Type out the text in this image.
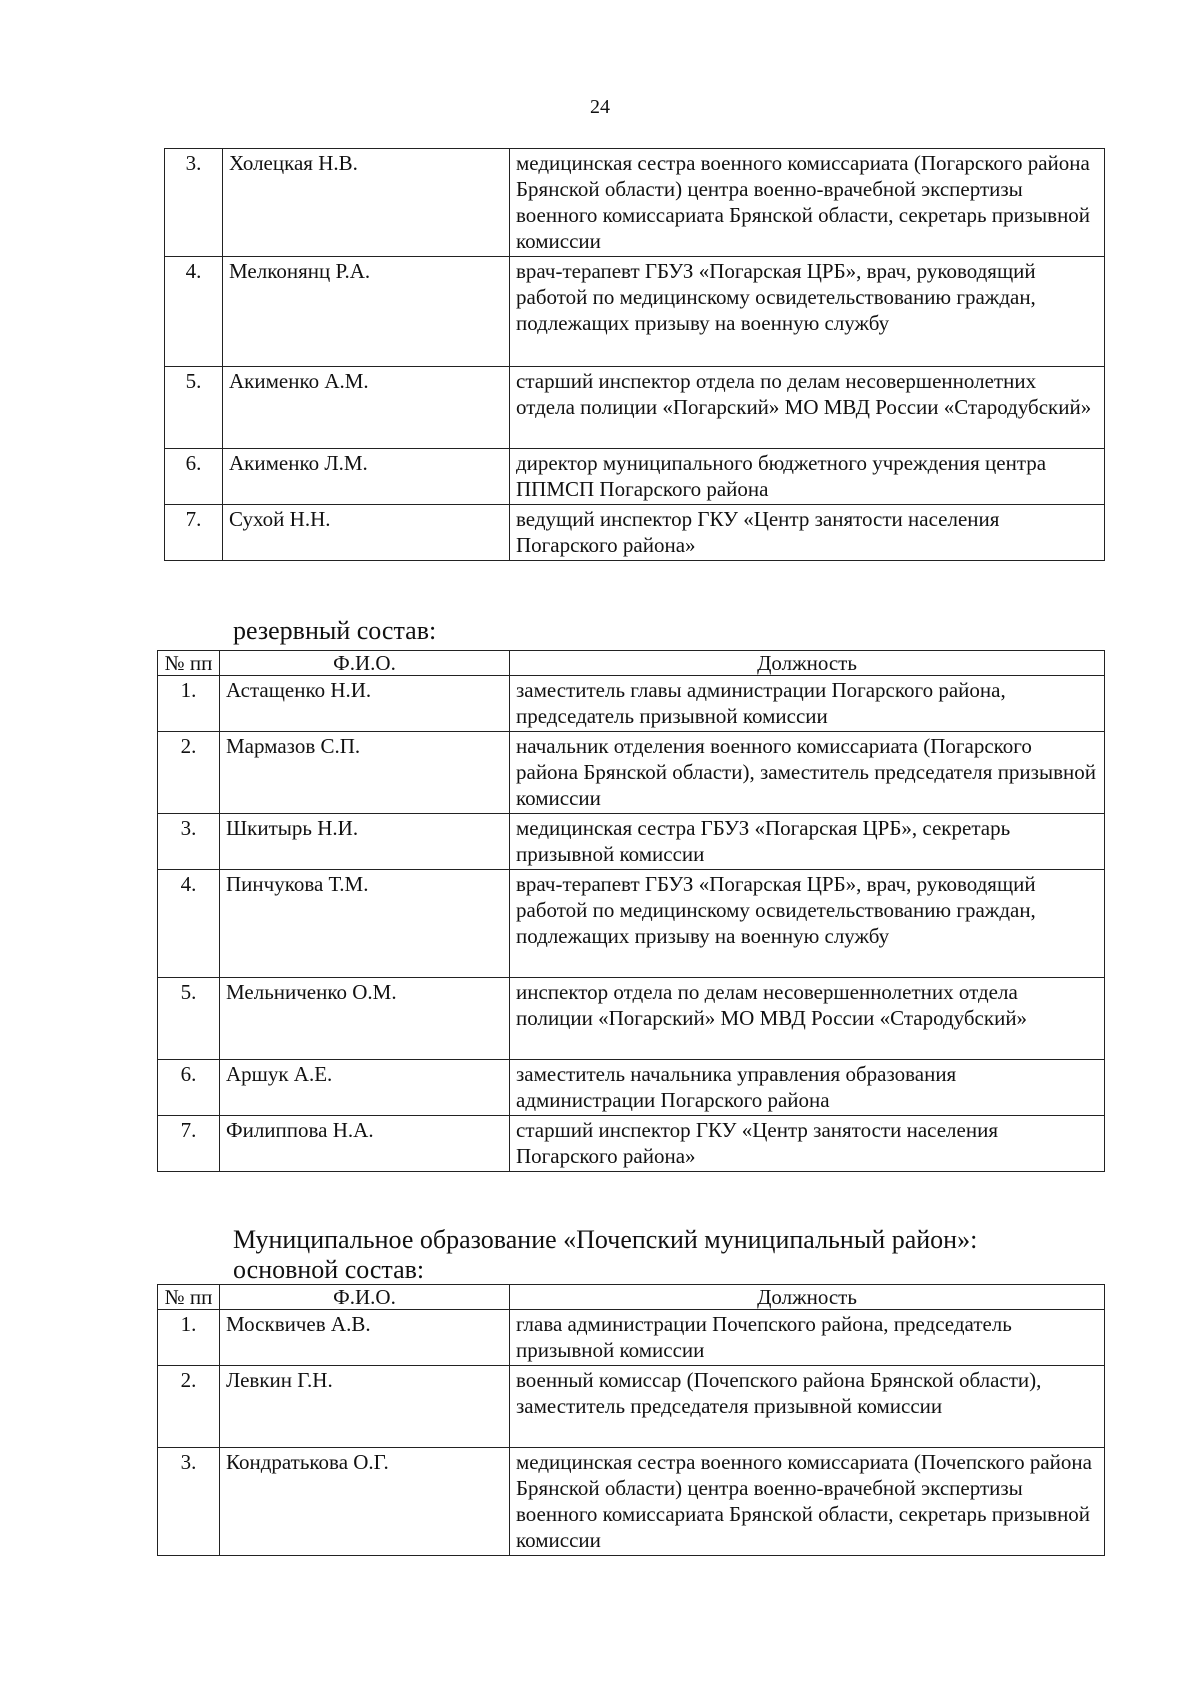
24
3.	Холецкая Н.В.	медицинская сестра военного комиссариата (Погарского района Брянской области) центра военно-врачебной экспертизы военного комиссариата Брянской области, секретарь призывной комиссии
4.	Мелконянц Р.А.	врач-терапевт ГБУЗ «Погарская ЦРБ», врач, руководящий работой по медицинскому освидетельствованию граждан, подлежащих призыву на военную службу
5.	Акименко А.М.	старший инспектор отдела по делам несовершеннолетних отдела полиции «Погарский» МО МВД России «Стародубский»
6.	Акименко Л.М.	директор муниципального бюджетного учреждения центра ППМСП Погарского района
7.	Сухой Н.Н.	ведущий инспектор ГКУ «Центр занятости населения Погарского района»
резервный состав:
№ пп	Ф.И.О.	Должность
1.	Астащенко Н.И.	заместитель главы администрации Погарского района, председатель призывной комиссии
2.	Мармазов С.П.	начальник отделения военного комиссариата (Погарского района Брянской области), заместитель председателя призывной комиссии
3.	Шкитырь Н.И.	медицинская сестра ГБУЗ «Погарская ЦРБ», секретарь призывной комиссии
4.	Пинчукова Т.М.	врач-терапевт ГБУЗ «Погарская ЦРБ», врач, руководящий работой по медицинскому освидетельствованию граждан, подлежащих призыву на военную службу
5.	Мельниченко О.М.	инспектор отдела по делам несовершеннолетних отдела полиции «Погарский» МО МВД России «Стародубский»
6.	Аршук А.Е.	заместитель начальника управления образования администрации Погарского района
7.	Филиппова Н.А.	старший инспектор ГКУ «Центр занятости населения Погарского района»
Муниципальное образование «Почепский муниципальный район»:
основной состав:
№ пп	Ф.И.О.	Должность
1.	Москвичев А.В.	глава администрации Почепского района, председатель призывной комиссии
2.	Левкин Г.Н.	военный комиссар (Почепского района Брянской области), заместитель председателя призывной комиссии
3.	Кондратькова О.Г.	медицинская сестра военного комиссариата (Почепского района Брянской области) центра военно-врачебной экспертизы военного комиссариата Брянской области, секретарь призывной комиссии
